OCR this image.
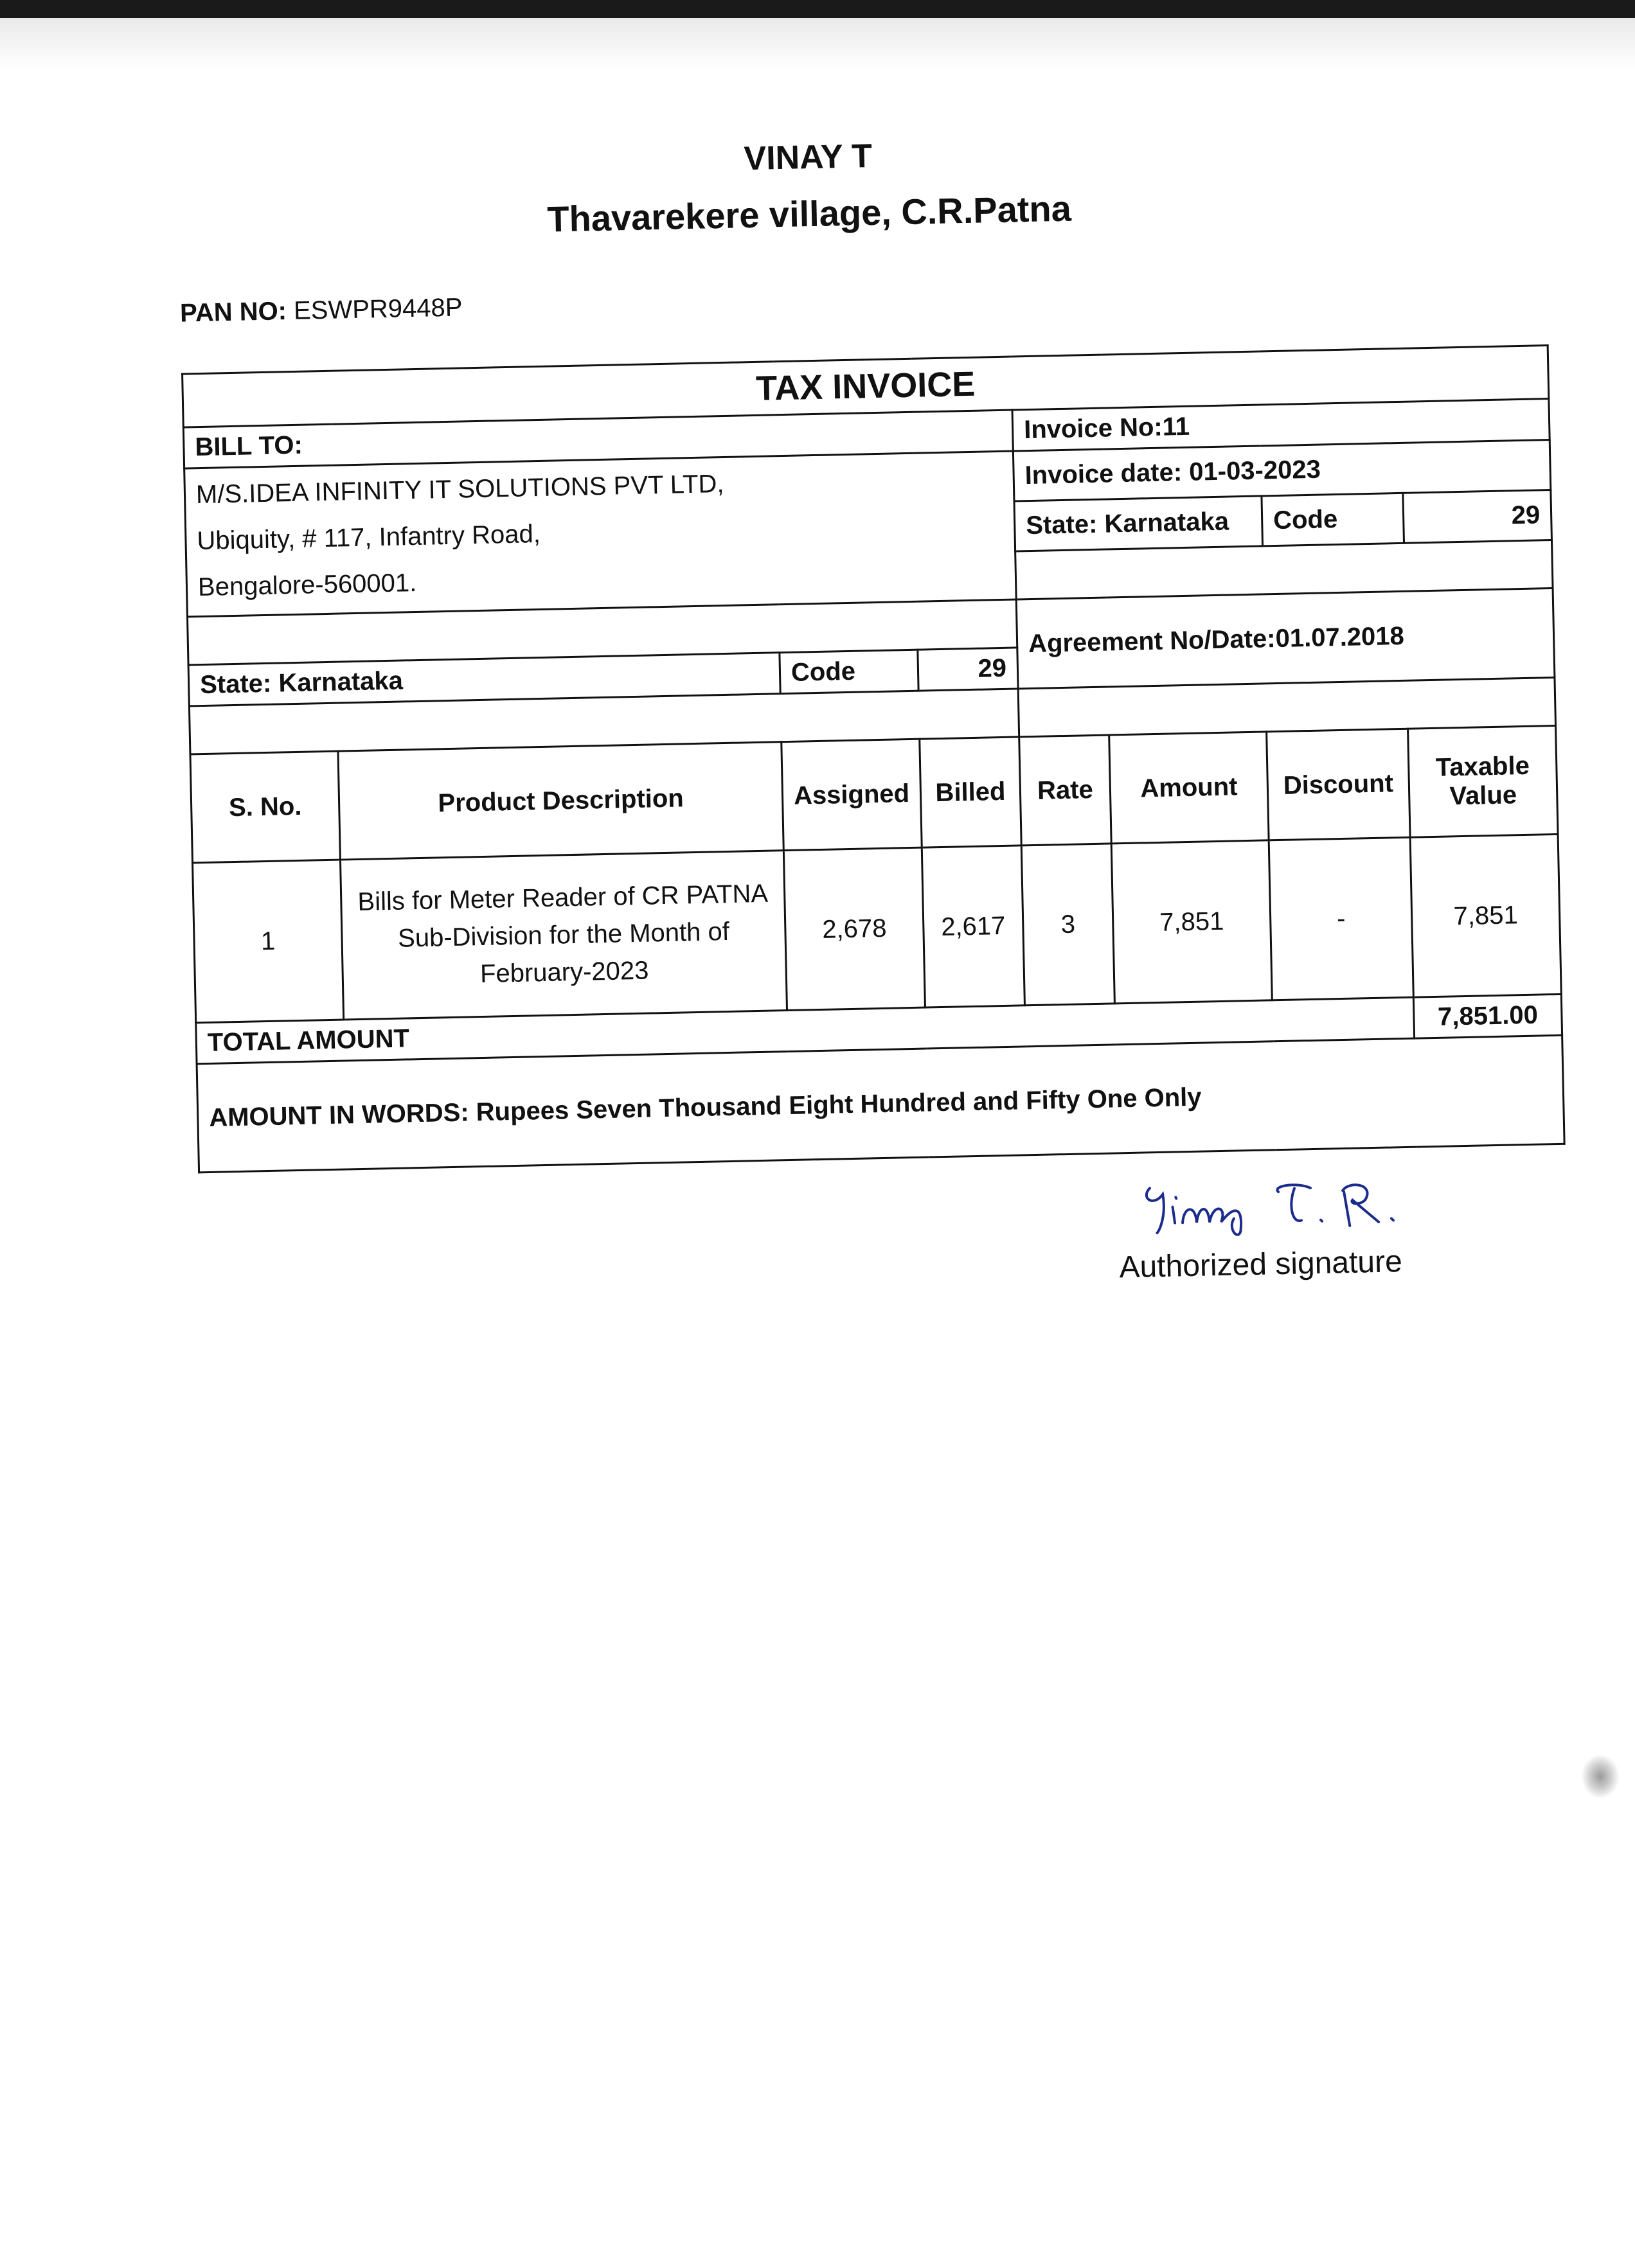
VINAY T
Thavarekere village, C.R.Patna
PAN NO: ESWPR9448P
TAX INVOICE							
BILL TO:				Invoice No:11			

M/S.IDEA INFINITY IT SOLUTIONS PVT LTD,
Ubiquity, # 117, Infantry Road,
Bengalore-560001.				Invoice date: 01-03-2023			
				State: Karnataka		Code	29

				Agreement No/Date:01.07.2018			
State: Karnataka		Code	29				

S. No.	Product Description	Assigned	Billed	Rate	Amount	Discount	Taxable Value
1	Bills for Meter Reader of CR PATNA Sub-Division for the Month of February-2023	2,678	2,617	3	7,851	-	7,851
TOTAL AMOUNT							7,851.00
AMOUNT IN WORDS: Rupees Seven Thousand Eight Hundred and Fifty One Only							
Authorized signature
